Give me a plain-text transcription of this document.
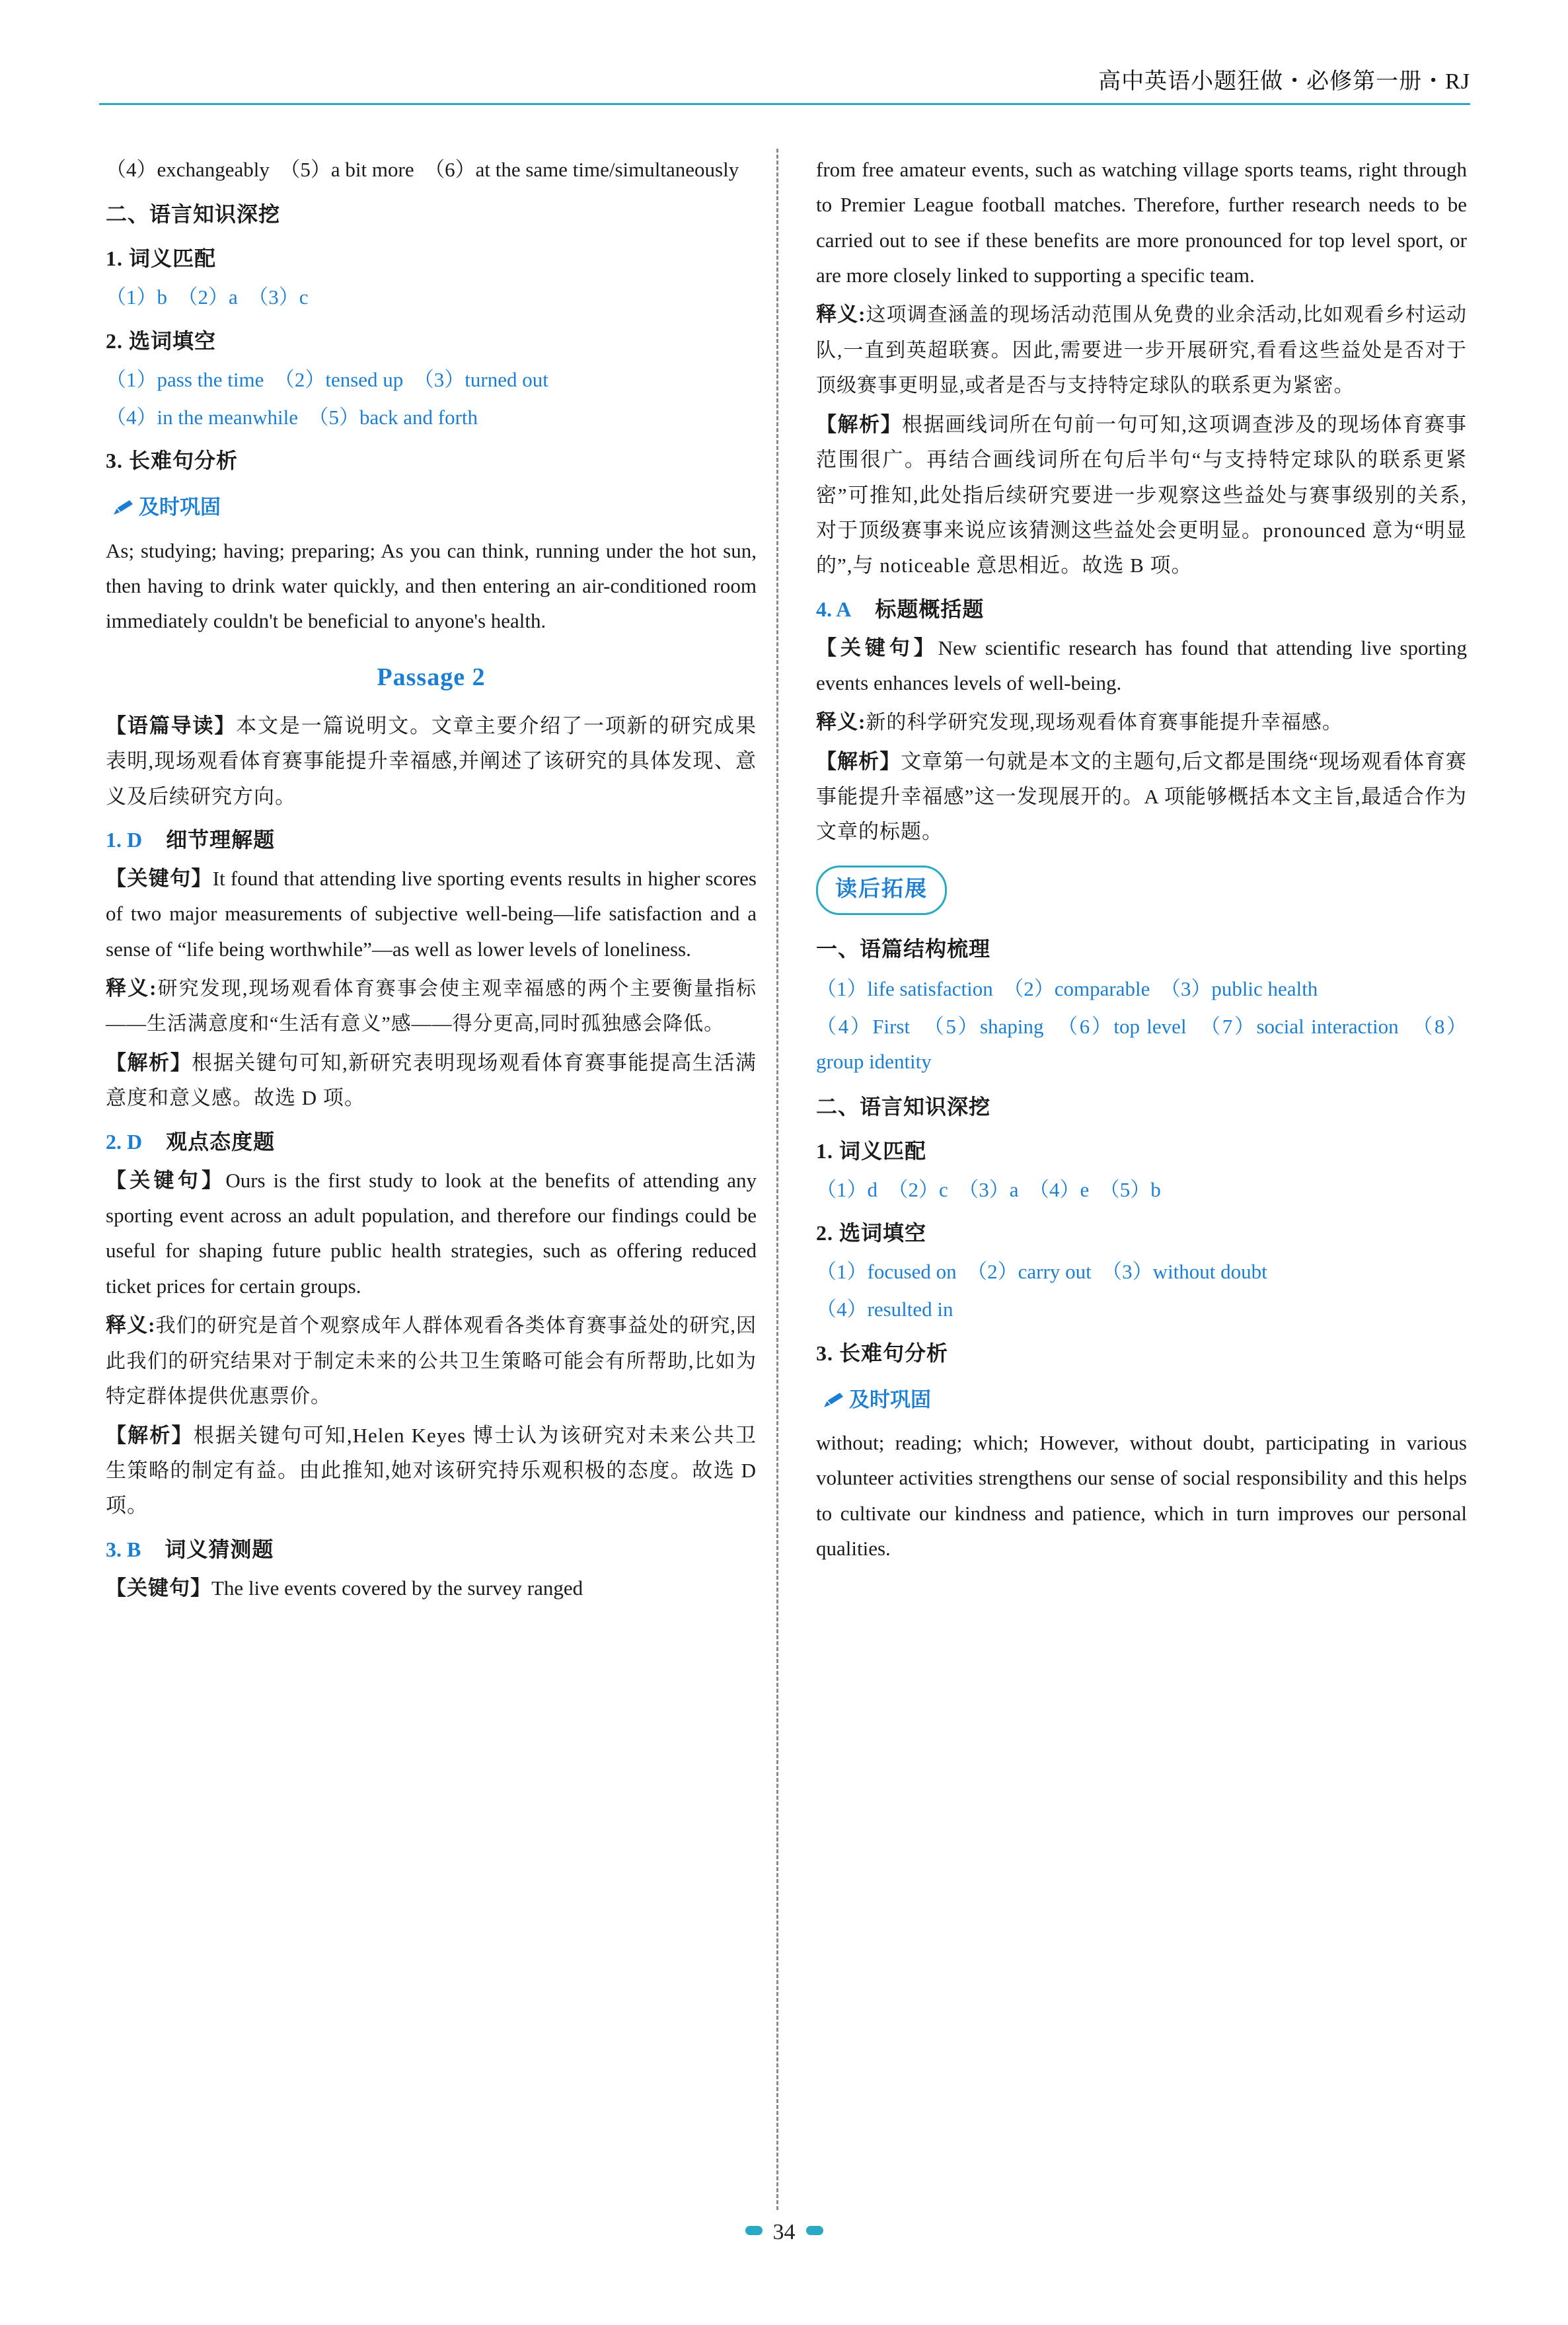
高中英语小题狂做・必修第一册・RJ

（4）exchangeably　（5）a bit more　（6）at the same time/simultaneously

二、语言知识深挖

1. 词义匹配

（1）b　（2）a　（3）c

2. 选词填空

（1）pass the time　（2）tensed up　（3）turned out

（4）in the meanwhile　（5）back and forth

3. 长难句分析

及时巩固

As; studying; having; preparing; As you can think, running under the hot sun, then having to drink water quickly, and then entering an air-conditioned room immediately couldn't be beneficial to anyone's health.

Passage 2

【语篇导读】本文是一篇说明文。文章主要介绍了一项新的研究成果表明,现场观看体育赛事能提升幸福感,并阐述了该研究的具体发现、意义及后续研究方向。

1. D 细节理解题

【关键句】It found that attending live sporting events results in higher scores of two major measurements of subjective well-being—life satisfaction and a sense of “life being worthwhile”—as well as lower levels of loneliness.

释义:研究发现,现场观看体育赛事会使主观幸福感的两个主要衡量指标——生活满意度和“生活有意义”感——得分更高,同时孤独感会降低。

【解析】根据关键句可知,新研究表明现场观看体育赛事能提高生活满意度和意义感。故选 D 项。

2. D 观点态度题

【关键句】Ours is the first study to look at the benefits of attending any sporting event across an adult population, and therefore our findings could be useful for shaping future public health strategies, such as offering reduced ticket prices for certain groups.

释义:我们的研究是首个观察成年人群体观看各类体育赛事益处的研究,因此我们的研究结果对于制定未来的公共卫生策略可能会有所帮助,比如为特定群体提供优惠票价。

【解析】根据关键句可知,Helen Keyes 博士认为该研究对未来公共卫生策略的制定有益。由此推知,她对该研究持乐观积极的态度。故选 D 项。

3. B 词义猜测题

【关键句】The live events covered by the survey ranged

from free amateur events, such as watching village sports teams, right through to Premier League football matches. Therefore, further research needs to be carried out to see if these benefits are more pronounced for top level sport, or are more closely linked to supporting a specific team.

释义:这项调查涵盖的现场活动范围从免费的业余活动,比如观看乡村运动队,一直到英超联赛。因此,需要进一步开展研究,看看这些益处是否对于顶级赛事更明显,或者是否与支持特定球队的联系更为紧密。

【解析】根据画线词所在句前一句可知,这项调查涉及的现场体育赛事范围很广。再结合画线词所在句后半句“与支持特定球队的联系更紧密”可推知,此处指后续研究要进一步观察这些益处与赛事级别的关系,对于顶级赛事来说应该猜测这些益处会更明显。pronounced 意为“明显的”,与 noticeable 意思相近。故选 B 项。

4. A 标题概括题

【关键句】New scientific research has found that attending live sporting events enhances levels of well-being.

释义:新的科学研究发现,现场观看体育赛事能提升幸福感。

【解析】文章第一句就是本文的主题句,后文都是围绕“现场观看体育赛事能提升幸福感”这一发现展开的。A 项能够概括本文主旨,最适合作为文章的标题。

读后拓展

一、语篇结构梳理

（1）life satisfaction　（2）comparable　（3）public health

（4）First　（5）shaping　（6）top level　（7）social interaction　（8）group identity

二、语言知识深挖

1. 词义匹配

（1）d　（2）c　（3）a　（4）e　（5）b

2. 选词填空

（1）focused on　（2）carry out　（3）without doubt

（4）resulted in

3. 长难句分析

及时巩固

without; reading; which; However, without doubt, participating in various volunteer activities strengthens our sense of social responsibility and this helps to cultivate our kindness and patience, which in turn improves our personal qualities.

34
